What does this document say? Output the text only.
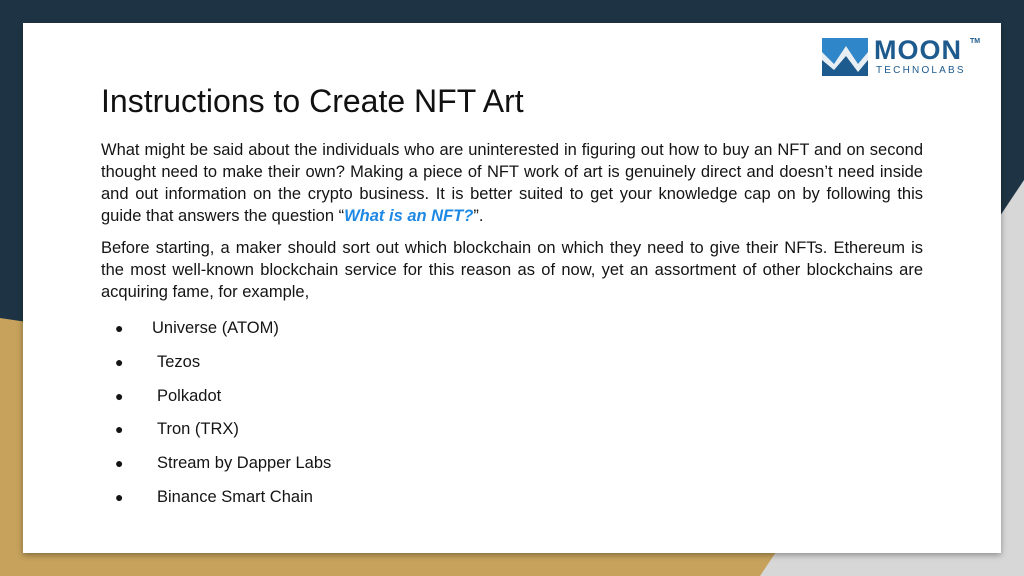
MOON TM
TECHNOLABS
Instructions to Create NFT Art

What might be said about the individuals who are uninterested in figuring out how to buy an NFT and on second thought need to make their own? Making a piece of NFT work of art is genuinely direct and doesn’t need inside and out information on the crypto business. It is better suited to get your knowledge cap on by following this guide that answers the question “What is an NFT?”.

Before starting, a maker should sort out which blockchain on which they need to give their NFTs. Ethereum is the most well-known blockchain service for this reason as of now, yet an assortment of other blockchains are acquiring fame, for example,

● Universe (ATOM)
● Tezos
● Polkadot
● Tron (TRX)
● Stream by Dapper Labs
● Binance Smart Chain
